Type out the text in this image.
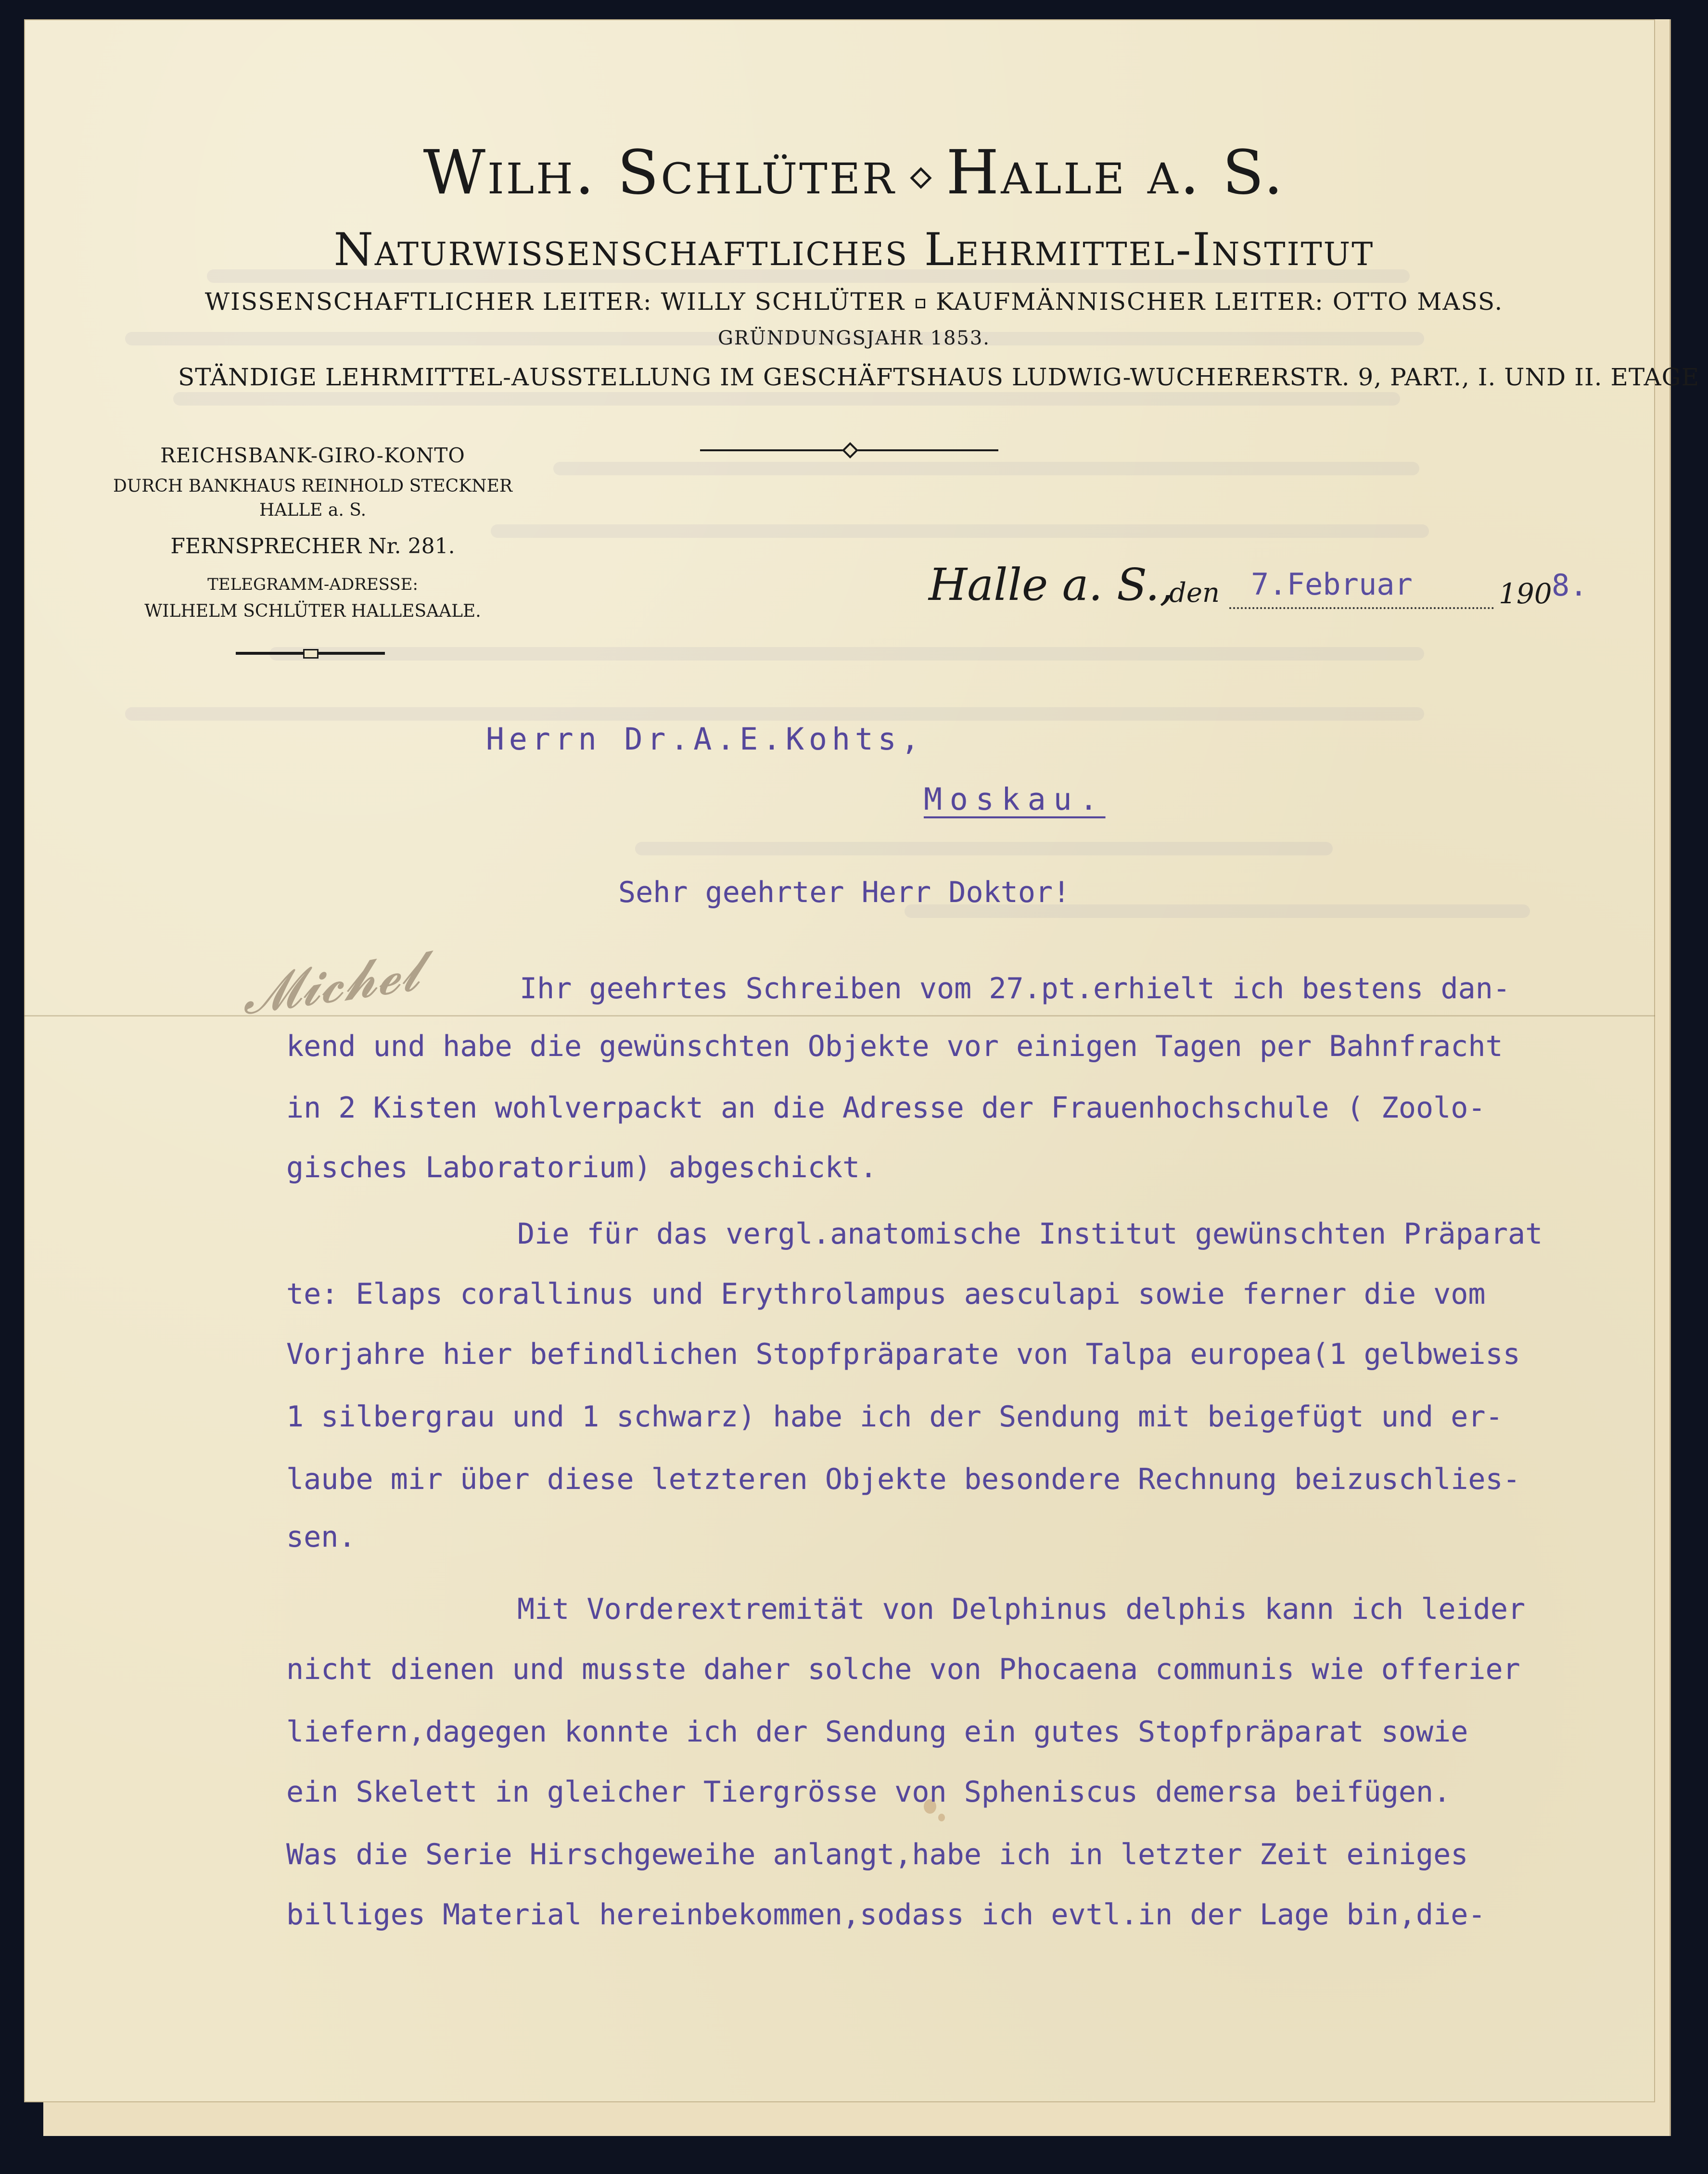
Wilh. Schlüter Halle a. S.
Naturwissenschaftliches Lehrmittel-Institut
WISSENSCHAFTLICHER LEITER: WILLY SCHLÜTER KAUFMÄNNISCHER LEITER: OTTO MASS.
GRÜNDUNGSJAHR 1853.
STÄNDIGE LEHRMITTEL-AUSSTELLUNG IM GESCHÄFTSHAUS LUDWIG-WUCHERERSTR. 9, PART., I. UND II. ETAGE
REICHSBANK-GIRO-KONTO
DURCH BANKHAUS REINHOLD STECKNER
HALLE a. S.
FERNSPRECHER Nr. 281.
TELEGRAMM-ADRESSE:
WILHELM SCHLÜTER HALLESAALE.
Halle a. S.,
den 7.Februar	190 8.
Herrn Dr.A.E.Kohts,
Moskau.
Sehr geehrter Herr Doktor!
𝓜𝓲𝓬𝓱𝓮𝓵	Ihr geehrtes Schreiben vom 27.pt.erhielt ich bestens dan-
kend und habe die gewünschten Objekte vor einigen Tagen per Bahnfracht
in 2 Kisten wohlverpackt an die Adresse der Frauenhochschule ( Zoolo-
gisches Laboratorium) abgeschickt.
Die für das vergl.anatomische Institut gewünschten Präparat
te: Elaps corallinus und Erythrolampus aesculapi sowie ferner die vom
Vorjahre hier befindlichen Stopfpräparate von Talpa europea(1 gelbweiss
1 silbergrau und 1 schwarz) habe ich der Sendung mit beigefügt und er-
laube mir über diese letzteren Objekte besondere Rechnung beizuschlies-
sen.
Mit Vorderextremität von Delphinus delphis kann ich leider
nicht dienen und musste daher solche von Phocaena communis wie offerier
liefern,dagegen konnte ich der Sendung ein gutes Stopfpräparat sowie
ein Skelett in gleicher Tiergrösse von Spheniscus demersa beifügen.
Was die Serie Hirschgeweihe anlangt,habe ich in letzter Zeit einiges
billiges Material hereinbekommen,sodass ich evtl.in der Lage bin,die-
